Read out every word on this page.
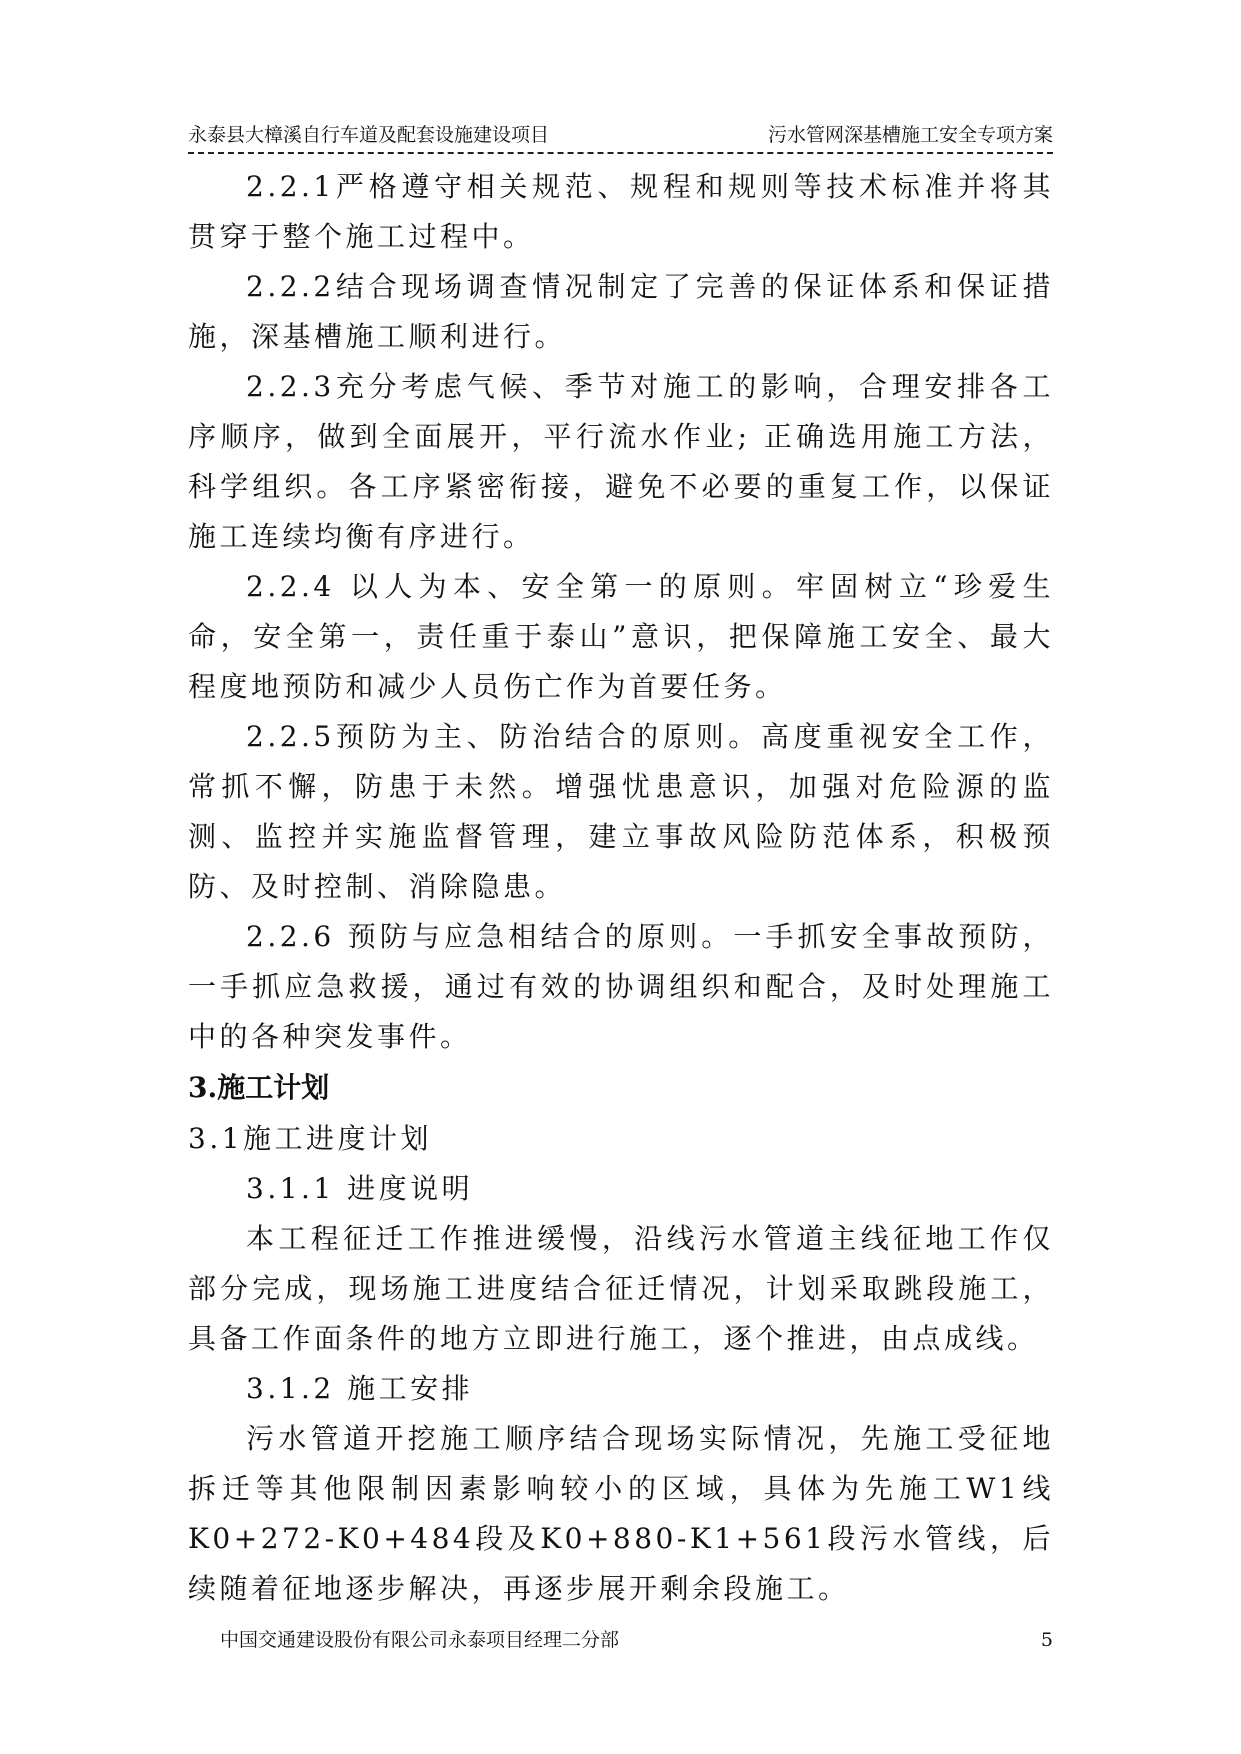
永泰县大樟溪自行车道及配套设施建设项目	污水管网深基槽施工安全专项方案

2.2.1严格遵守相关规范、规程和规则等技术标准并将其贯穿于整个施工过程中。

2.2.2结合现场调查情况制定了完善的保证体系和保证措施，深基槽施工顺利进行。

2.2.3充分考虑气候、季节对施工的影响，合理安排各工序顺序，做到全面展开，平行流水作业; 正确选用施工方法，科学组织。各工序紧密衔接，避免不必要的重复工作，以保证施工连续均衡有序进行。

2.2.4 以人为本、安全第一的原则。牢固树立“珍爱生命，安全第一，责任重于泰山”意识，把保障施工安全、最大程度地预防和减少人员伤亡作为首要任务。

2.2.5预防为主、防治结合的原则。高度重视安全工作，常抓不懈，防患于未然。增强忧患意识，加强对危险源的监测、监控并实施监督管理，建立事故风险防范体系，积极预防、及时控制、消除隐患。

2.2.6 预防与应急相结合的原则。一手抓安全事故预防，一手抓应急救援，通过有效的协调组织和配合，及时处理施工中的各种突发事件。

3.施工计划

3.1施工进度计划

3.1.1 进度说明

本工程征迁工作推进缓慢，沿线污水管道主线征地工作仅部分完成，现场施工进度结合征迁情况，计划采取跳段施工，具备工作面条件的地方立即进行施工，逐个推进，由点成线。

3.1.2 施工安排

污水管道开挖施工顺序结合现场实际情况，先施工受征地拆迁等其他限制因素影响较小的区域，具体为先施工W1线K0+272-K0+484段及K0+880-K1+561段污水管线，后续随着征地逐步解决，再逐步展开剩余段施工。

中国交通建设股份有限公司永泰项目经理二分部	5
